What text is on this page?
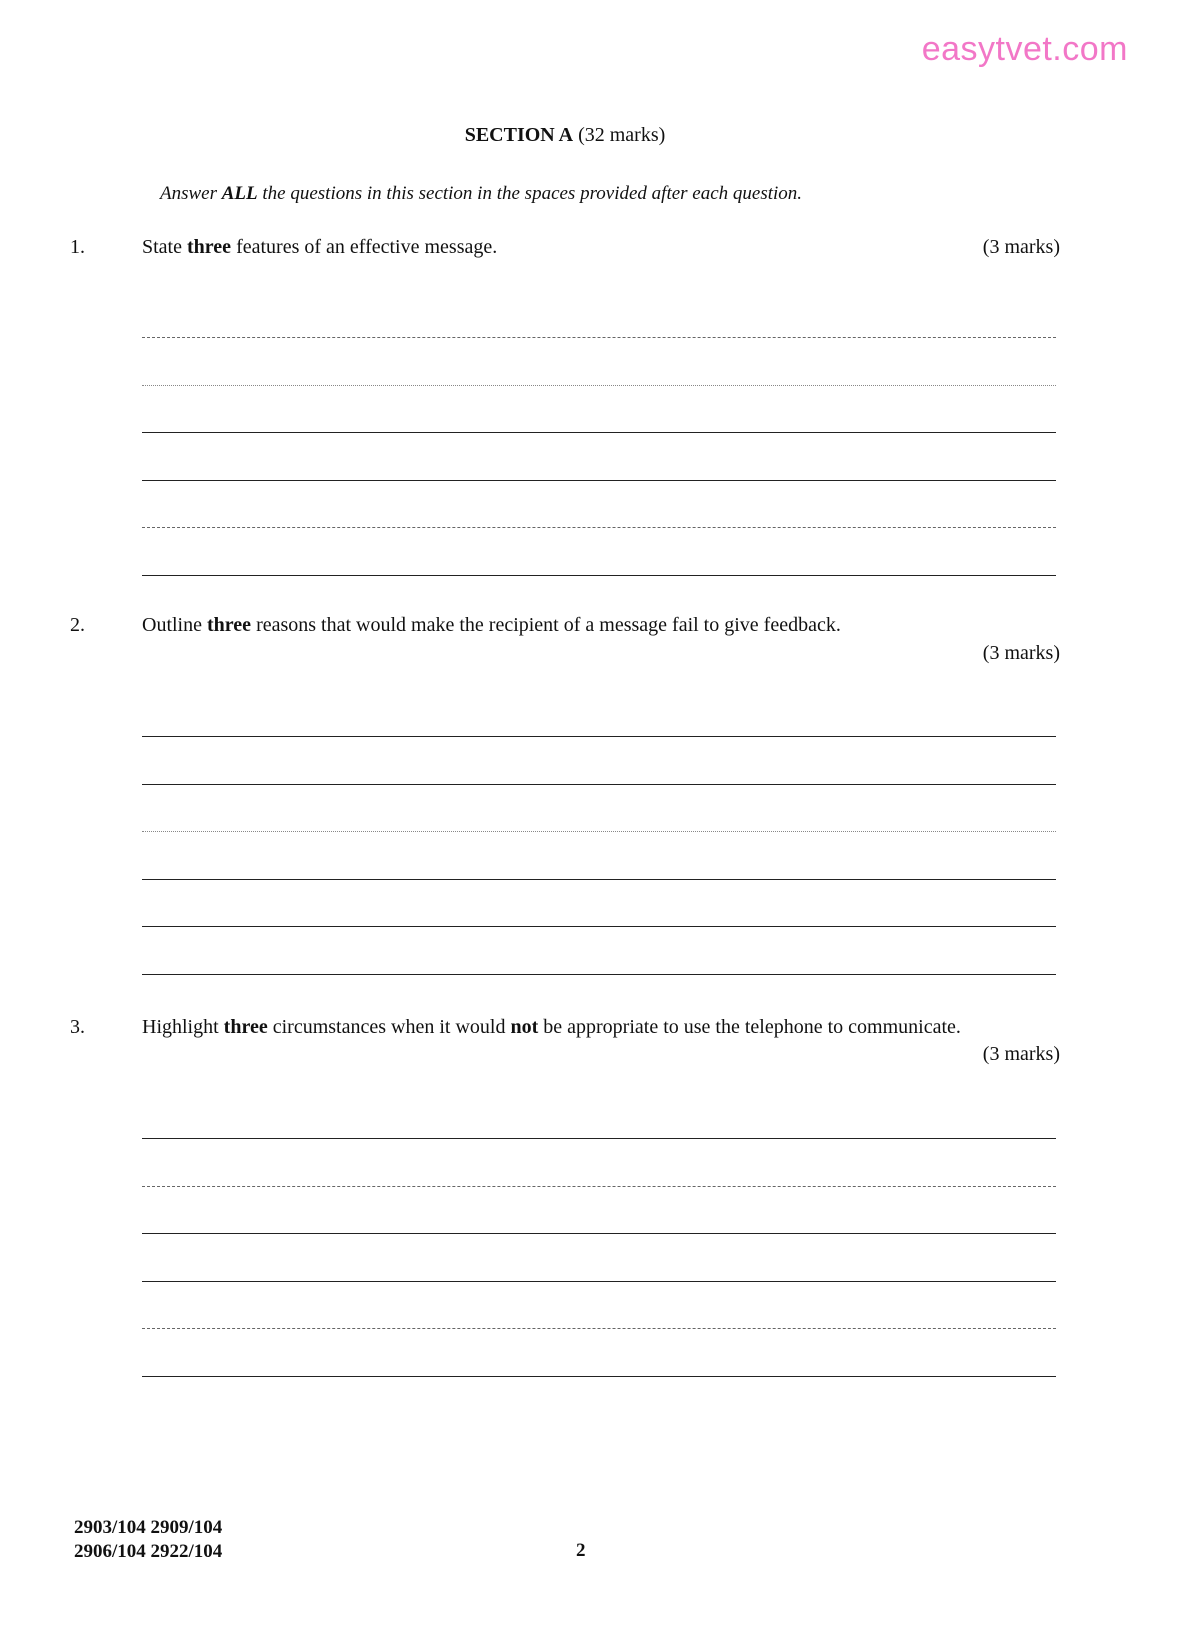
easytvet.com
SECTION A (32 marks)
Answer ALL the questions in this section in the spaces provided after each question.
1.	State three features of an effective message.	(3 marks)
2.	Outline three reasons that would make the recipient of a message fail to give feedback.
(3 marks)
3.	Highlight three circumstances when it would not be appropriate to use the telephone to communicate.
(3 marks)
2903/104 2909/104
2906/104 2922/104	2
